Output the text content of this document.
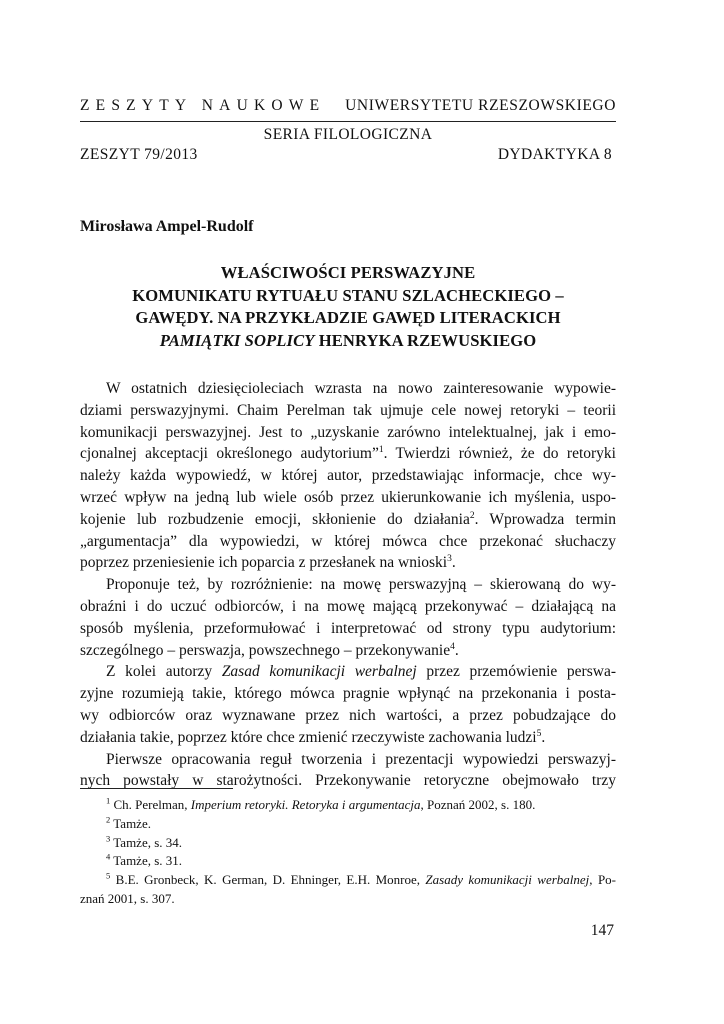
ZESZYTY NAUKOWE UNIWERSYTETU RZESZOWSKIEGO
SERIA FILOLOGICZNA
ZESZYT 79/2013	DYDAKTYKA 8
Mirosława Ampel-Rudolf
WŁAŚCIWOŚCI PERSWAZYJNE
KOMUNIKATU RYTUAŁU STANU SZLACHECKIEGO –
GAWĘDY. NA PRZYKŁADZIE GAWĘD LITERACKICH
PAMIĄTKI SOPLICY HENRYKA RZEWUSKIEGO
W ostatnich dziesięcioleciach wzrasta na nowo zainteresowanie wypowie-
dziami perswazyjnymi. Chaim Perelman tak ujmuje cele nowej retoryki – teorii
komunikacji perswazyjnej. Jest to „uzyskanie zarówno intelektualnej, jak i emo-
cjonalnej akceptacji określonego audytorium”$^1$. Twierdzi również, że do retoryki
należy każda wypowiedź, w której autor, przedstawiając informacje, chce wy-
wrzeć wpływ na jedną lub wiele osób przez ukierunkowanie ich myślenia, uspo-
kojenie lub rozbudzenie emocji, skłonienie do działania$^2$. Wprowadza termin
„argumentacja” dla wypowiedzi, w której mówca chce przekonać słuchaczy
poprzez przeniesienie ich poparcia z przesłanek na wnioski$^3$.
Proponuje też, by rozróżnienie: na mowę perswazyjną – skierowaną do wy-
obraźni i do uczuć odbiorców, i na mowę mającą przekonywać – działającą na
sposób myślenia, przeformułować i interpretować od strony typu audytorium:
szczególnego – perswazja, powszechnego – przekonywanie$^4$.
Z kolei autorzy Zasad komunikacji werbalnej przez przemówienie perswa-
zyjne rozumieją takie, którego mówca pragnie wpłynąć na przekonania i posta-
wy odbiorców oraz wyznawane przez nich wartości, a przez pobudzające do
działania takie, poprzez które chce zmienić rzeczywiste zachowania ludzi$^5$.
Pierwsze opracowania reguł tworzenia i prezentacji wypowiedzi perswazyj-
nych powstały w starożytności. Przekonywanie retoryczne obejmowało trzy
$^1$ Ch. Perelman, Imperium retoryki. Retoryka i argumentacja, Poznań 2002, s. 180.
$^2$ Tamże.
$^3$ Tamże, s. 34.
$^4$ Tamże, s. 31.
$^5$ B.E. Gronbeck, K. German, D. Ehninger, E.H. Monroe, Zasady komunikacji werbalnej, Po-
znań 2001, s. 307.
147
